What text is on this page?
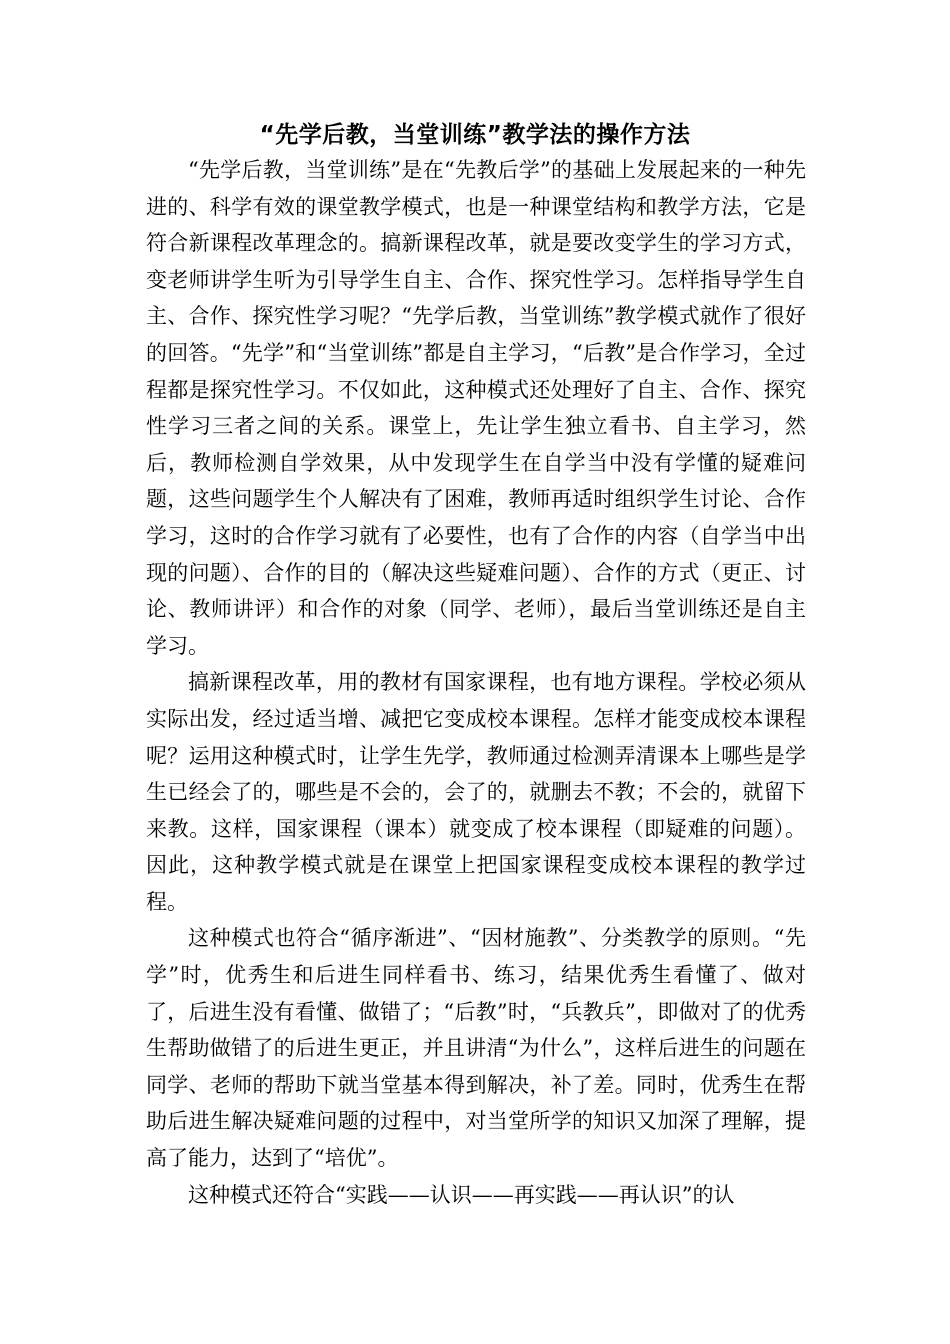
“先学后教，当堂训练”教学法的操作方法

“先学后教，当堂训练”是在“先教后学”的基础上发展起来的一种先进的、科学有效的课堂教学模式，也是一种课堂结构和教学方法，它是符合新课程改革理念的。搞新课程改革，就是要改变学生的学习方式，变老师讲学生听为引导学生自主、合作、探究性学习。怎样指导学生自主、合作、探究性学习呢？“先学后教，当堂训练”教学模式就作了很好的回答。“先学”和“当堂训练”都是自主学习，“后教”是合作学习，全过程都是探究性学习。不仅如此，这种模式还处理好了自主、合作、探究性学习三者之间的关系。课堂上，先让学生独立看书、自主学习，然后，教师检测自学效果，从中发现学生在自学当中没有学懂的疑难问题，这些问题学生个人解决有了困难，教师再适时组织学生讨论、合作学习，这时的合作学习就有了必要性，也有了合作的内容（自学当中出现的问题）、合作的目的（解决这些疑难问题）、合作的方式（更正、讨论、教师讲评）和合作的对象（同学、老师），最后当堂训练还是自主学习。

搞新课程改革，用的教材有国家课程，也有地方课程。学校必须从实际出发，经过适当增、减把它变成校本课程。怎样才能变成校本课程呢？运用这种模式时，让学生先学，教师通过检测弄清课本上哪些是学生已经会了的，哪些是不会的，会了的，就删去不教；不会的，就留下来教。这样，国家课程（课本）就变成了校本课程（即疑难的问题）。因此，这种教学模式就是在课堂上把国家课程变成校本课程的教学过程。

这种模式也符合“循序渐进”、“因材施教”、分类教学的原则。“先学”时，优秀生和后进生同样看书、练习，结果优秀生看懂了、做对了，后进生没有看懂、做错了；“后教”时，“兵教兵”，即做对了的优秀生帮助做错了的后进生更正，并且讲清“为什么”，这样后进生的问题在同学、老师的帮助下就当堂基本得到解决，补了差。同时，优秀生在帮助后进生解决疑难问题的过程中，对当堂所学的知识又加深了理解，提高了能力，达到了“培优”。

这种模式还符合“实践——认识——再实践——再认识”的认
